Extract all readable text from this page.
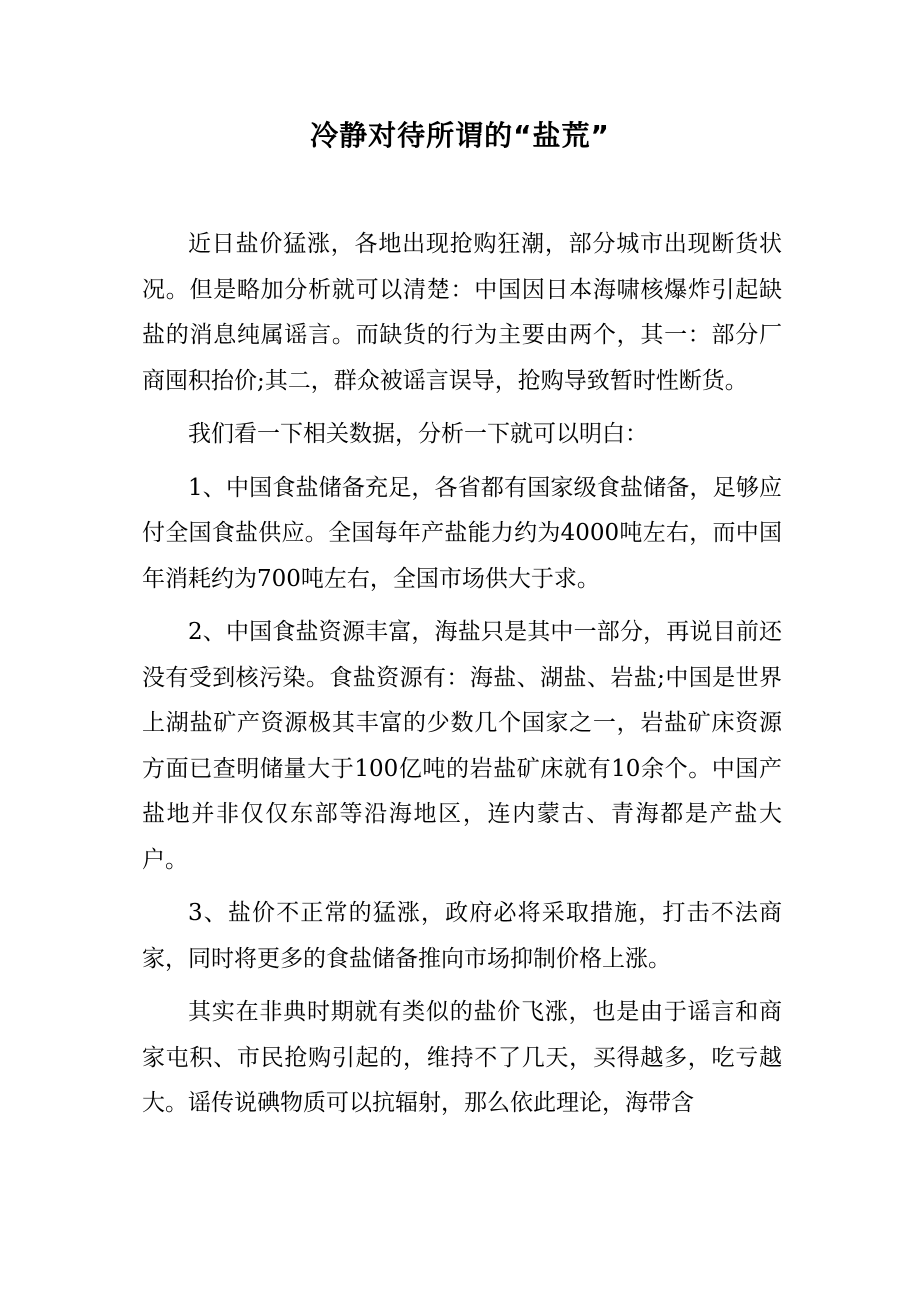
冷静对待所谓的“盐荒”

近日盐价猛涨，各地出现抢购狂潮，部分城市出现断货状况。但是略加分析就可以清楚：中国因日本海啸核爆炸引起缺盐的消息纯属谣言。而缺货的行为主要由两个，其一：部分厂商囤积抬价;其二，群众被谣言误导，抢购导致暂时性断货。

我们看一下相关数据，分析一下就可以明白：

1、中国食盐储备充足，各省都有国家级食盐储备，足够应付全国食盐供应。全国每年产盐能力约为4000吨左右，而中国年消耗约为700吨左右，全国市场供大于求。

2、中国食盐资源丰富，海盐只是其中一部分，再说目前还没有受到核污染。食盐资源有：海盐、湖盐、岩盐;中国是世界上湖盐矿产资源极其丰富的少数几个国家之一，岩盐矿床资源方面已查明储量大于100亿吨的岩盐矿床就有10余个。中国产盐地并非仅仅东部等沿海地区，连内蒙古、青海都是产盐大户。

3、盐价不正常的猛涨，政府必将采取措施，打击不法商家，同时将更多的食盐储备推向市场抑制价格上涨。

其实在非典时期就有类似的盐价飞涨，也是由于谣言和商家屯积、市民抢购引起的，维持不了几天，买得越多，吃亏越大。谣传说碘物质可以抗辐射，那么依此理论，海带含
